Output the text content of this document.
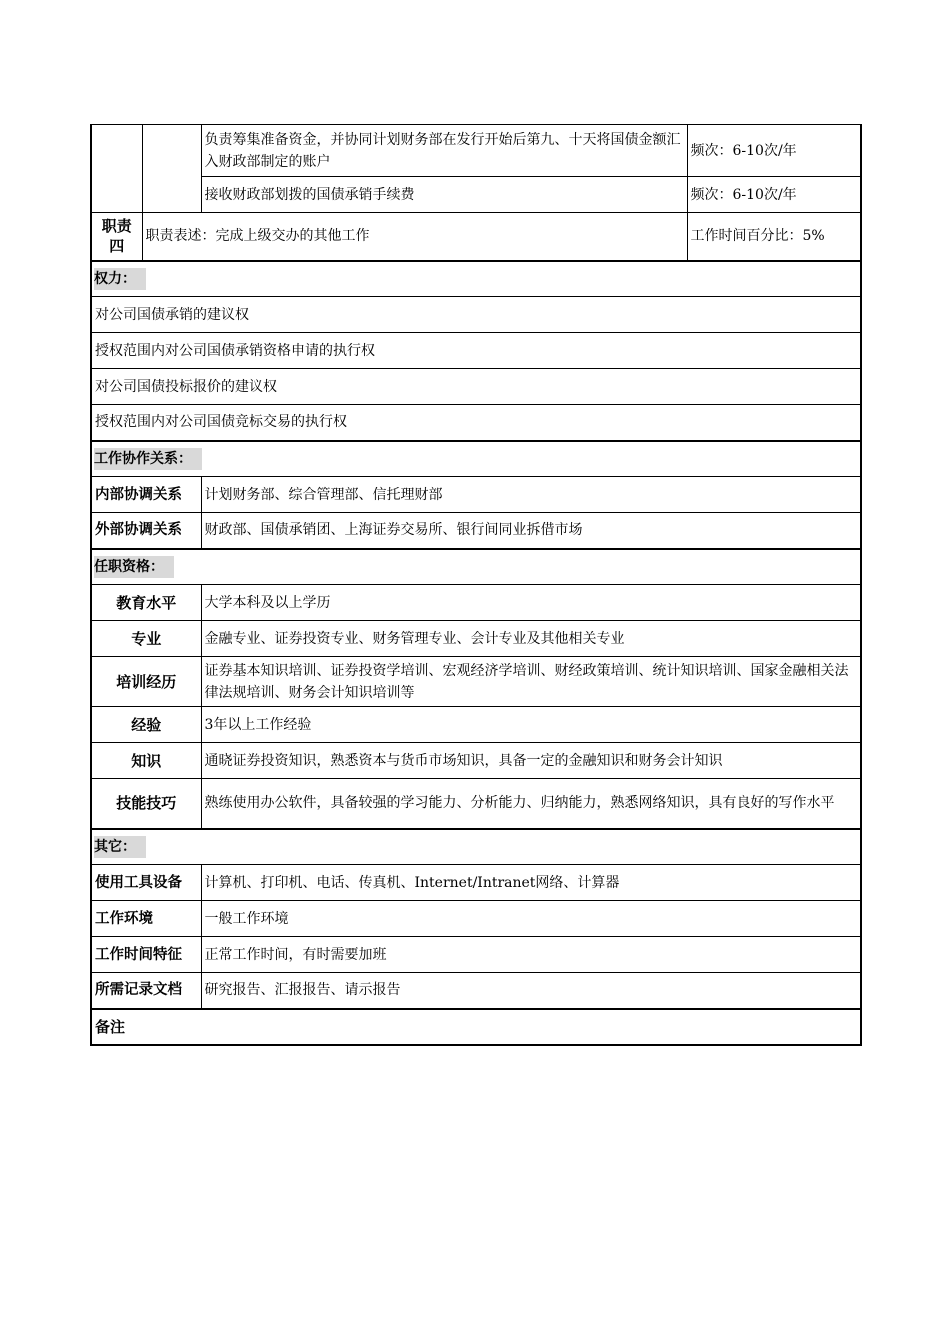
		负责筹集准备资金，并协同计划财务部在发行开始后第九、十天将国债金额汇入财政部制定的账户	频次：6-10次/年
		接收财政部划拨的国债承销手续费	频次：6-10次/年
职责四	职责表述：完成上级交办的其他工作		工作时间百分比：5%
权力：			
对公司国债承销的建议权			
授权范围内对公司国债承销资格申请的执行权			
对公司国债投标报价的建议权			
授权范围内对公司国债竞标交易的执行权			
工作协作关系：			
内部协调关系		计划财务部、综合管理部、信托理财部	
外部协调关系		财政部、国债承销团、上海证券交易所、银行间同业拆借市场	
任职资格：			
教育水平		大学本科及以上学历	
专业		金融专业、证券投资专业、财务管理专业、会计专业及其他相关专业	
培训经历		证券基本知识培训、证券投资学培训、宏观经济学培训、财经政策培训、统计知识培训、国家金融相关法律法规培训、财务会计知识培训等	
经验		3年以上工作经验	
知识		通晓证券投资知识，熟悉资本与货币市场知识，具备一定的金融知识和财务会计知识	
技能技巧		熟练使用办公软件，具备较强的学习能力、分析能力、归纳能力，熟悉网络知识，具有良好的写作水平	
其它：			
使用工具设备		计算机、打印机、电话、传真机、Internet/Intranet网络、计算器	
工作环境		一般工作环境	
工作时间特征		正常工作时间，有时需要加班	
所需记录文档		研究报告、汇报报告、请示报告	
备注			
